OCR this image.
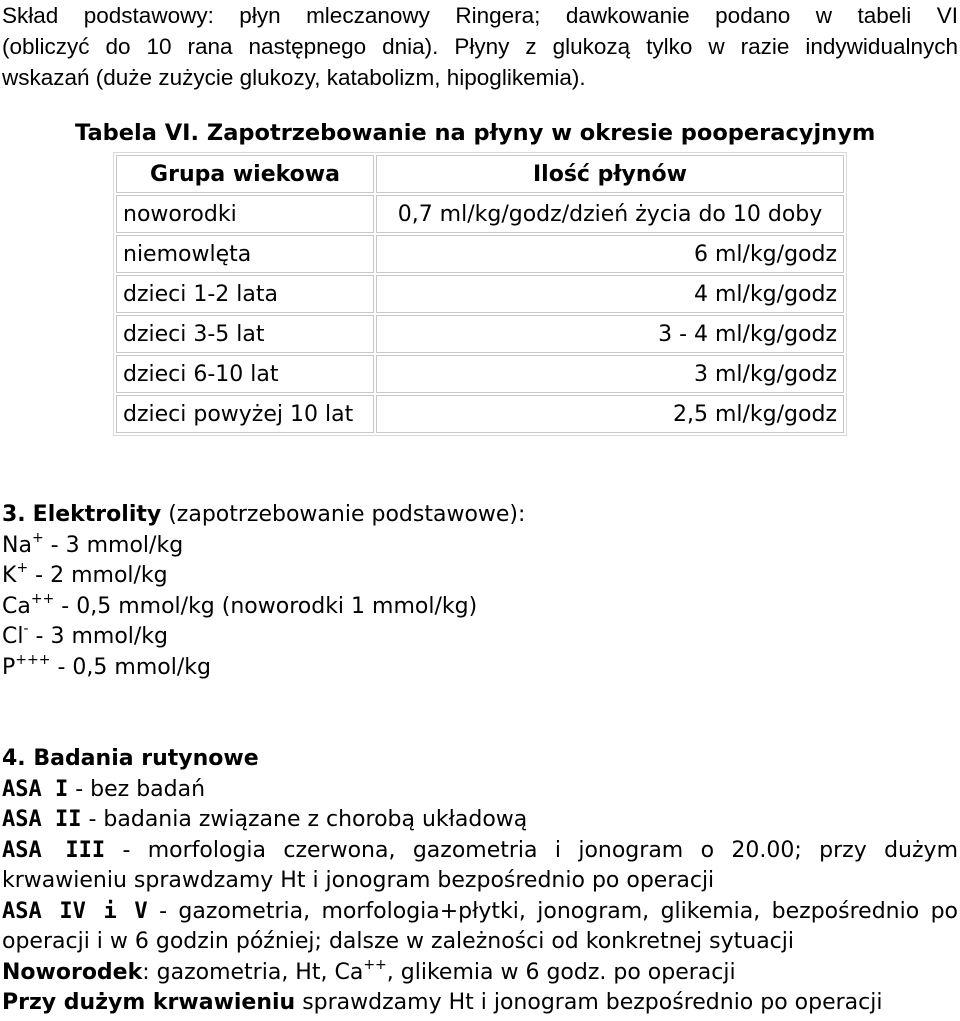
Skład podstawowy: płyn mleczanowy Ringera; dawkowanie podano w tabeli VI
(obliczyć do 10 rana następnego dnia). Płyny z glukozą tylko w razie indywidualnych
wskazań (duże zużycie glukozy, katabolizm, hipoglikemia).

Tabela VI. Zapotrzebowanie na płyny w okresie pooperacyjnym

Grupa wiekowa	Ilość płynów
noworodki	0,7 ml/kg/godz/dzień życia do 10 doby
niemowlęta	6 ml/kg/godz
dzieci 1-2 lata	4 ml/kg/godz
dzieci 3-5 lat	3 - 4 ml/kg/godz
dzieci 6-10 lat	3 ml/kg/godz
dzieci powyżej 10 lat	2,5 ml/kg/godz
3. Elektrolity (zapotrzebowanie podstawowe):
Na+ - 3 mmol/kg
K+ - 2 mmol/kg
Ca++ - 0,5 mmol/kg (noworodki 1 mmol/kg)
Cl- - 3 mmol/kg
P+++ - 0,5 mmol/kg
4. Badania rutynowe
ASA I - bez badań
ASA II - badania związane z chorobą układową
ASA III - morfologia czerwona, gazometria i jonogram o 20.00; przy dużym
krwawieniu sprawdzamy Ht i jonogram bezpośrednio po operacji
ASA IV i V - gazometria, morfologia+płytki, jonogram, glikemia, bezpośrednio po
operacji i w 6 godzin później; dalsze w zależności od konkretnej sytuacji
Noworodek: gazometria, Ht, Ca++, glikemia w 6 godz. po operacji
Przy dużym krwawieniu sprawdzamy Ht i jonogram bezpośrednio po operacji
